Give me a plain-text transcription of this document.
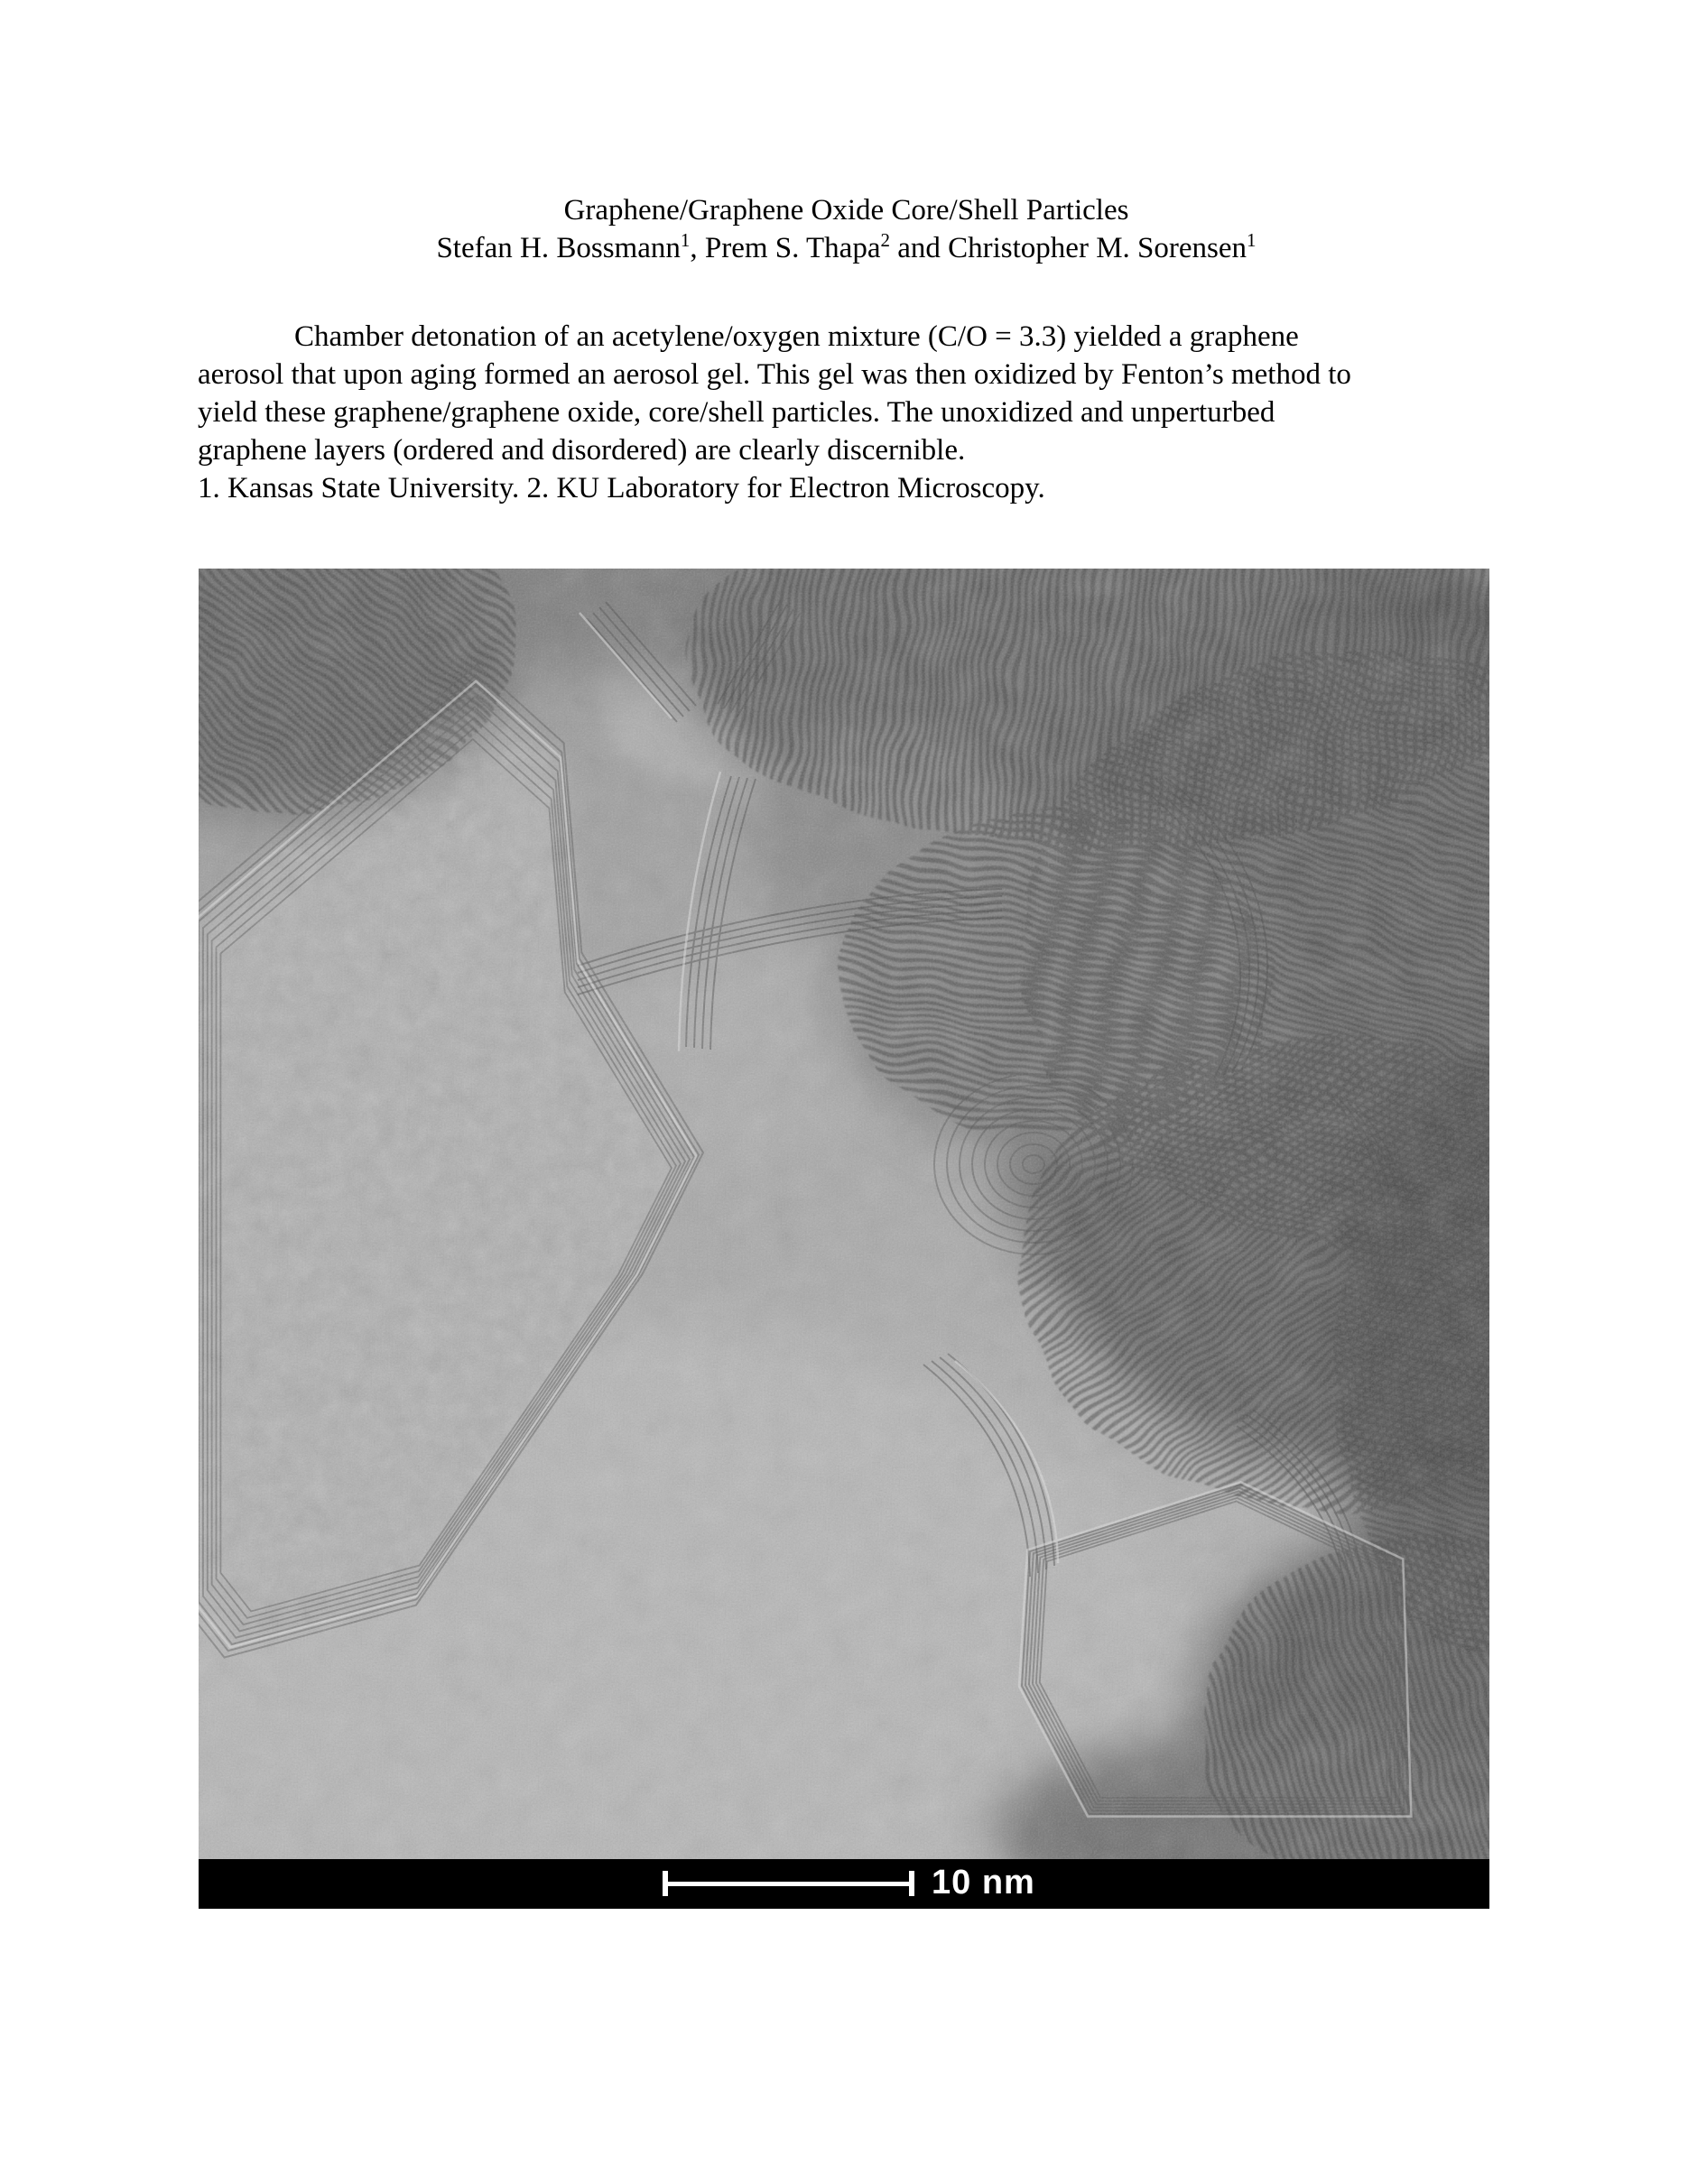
Graphene/Graphene Oxide Core/Shell Particles
Stefan H. Bossmann$^1$, Prem S. Thapa$^2$ and Christopher M. Sorensen$^1$
Chamber detonation of an acetylene/oxygen mixture (C/O = 3.3) yielded a graphene
aerosol that upon aging formed an aerosol gel. This gel was then oxidized by Fenton’s method to
yield these graphene/graphene oxide, core/shell particles. The unoxidized and unperturbed
graphene layers (ordered and disordered) are clearly discernible.
1. Kansas State University. 2. KU Laboratory for Electron Microscopy.
10 nm
